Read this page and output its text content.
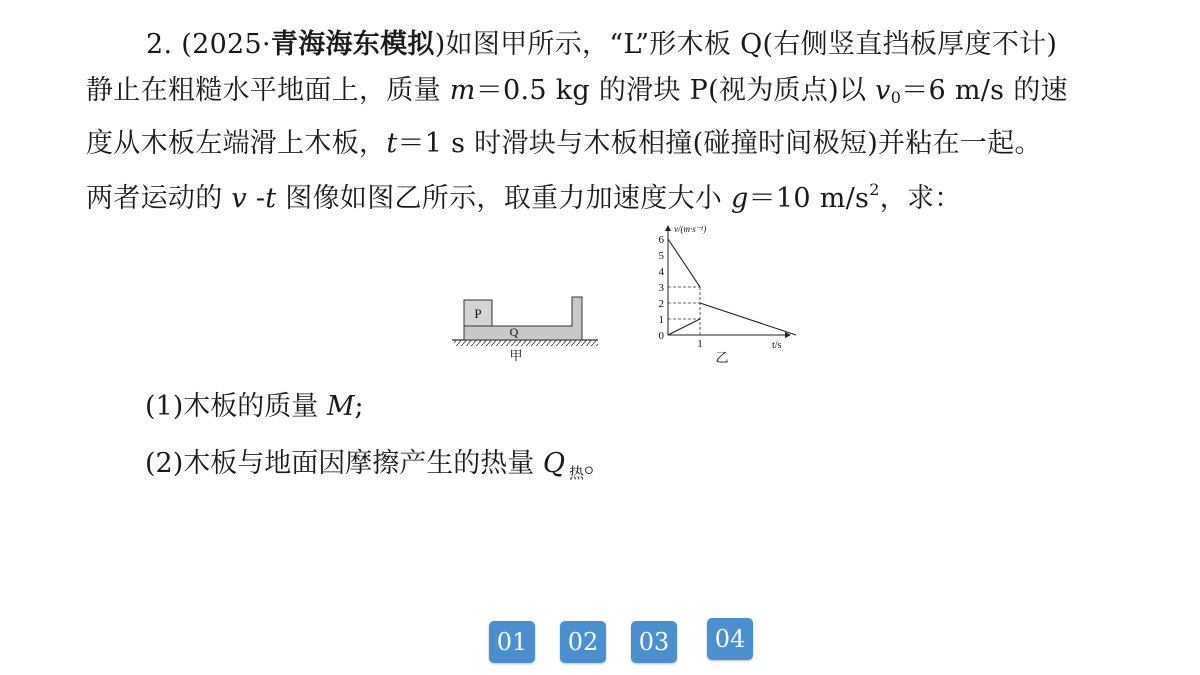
2. (2025·青海海东模拟)如图甲所示，“L”形木板 Q(右侧竖直挡板厚度不计)
静止在粗糙水平地面上，质量 m＝0.5 kg 的滑块 P(视为质点)以 $v_0=6$ m/s 的速
度从木板左端滑上木板，t＝1 s 时滑块与木板相撞(碰撞时间极短)并粘在一起。
两者运动的 v -t 图像如图乙所示，取重力加速度大小 g＝10 $m/s^2$，求：
P
Q
甲
0
1
2
3
4
5
6
1
v/(m·s⁻¹)
t/s
乙
(1)木板的质量 M;
(2)木板与地面因摩擦产生的热量 Q $_热$。
01	02	03	04
